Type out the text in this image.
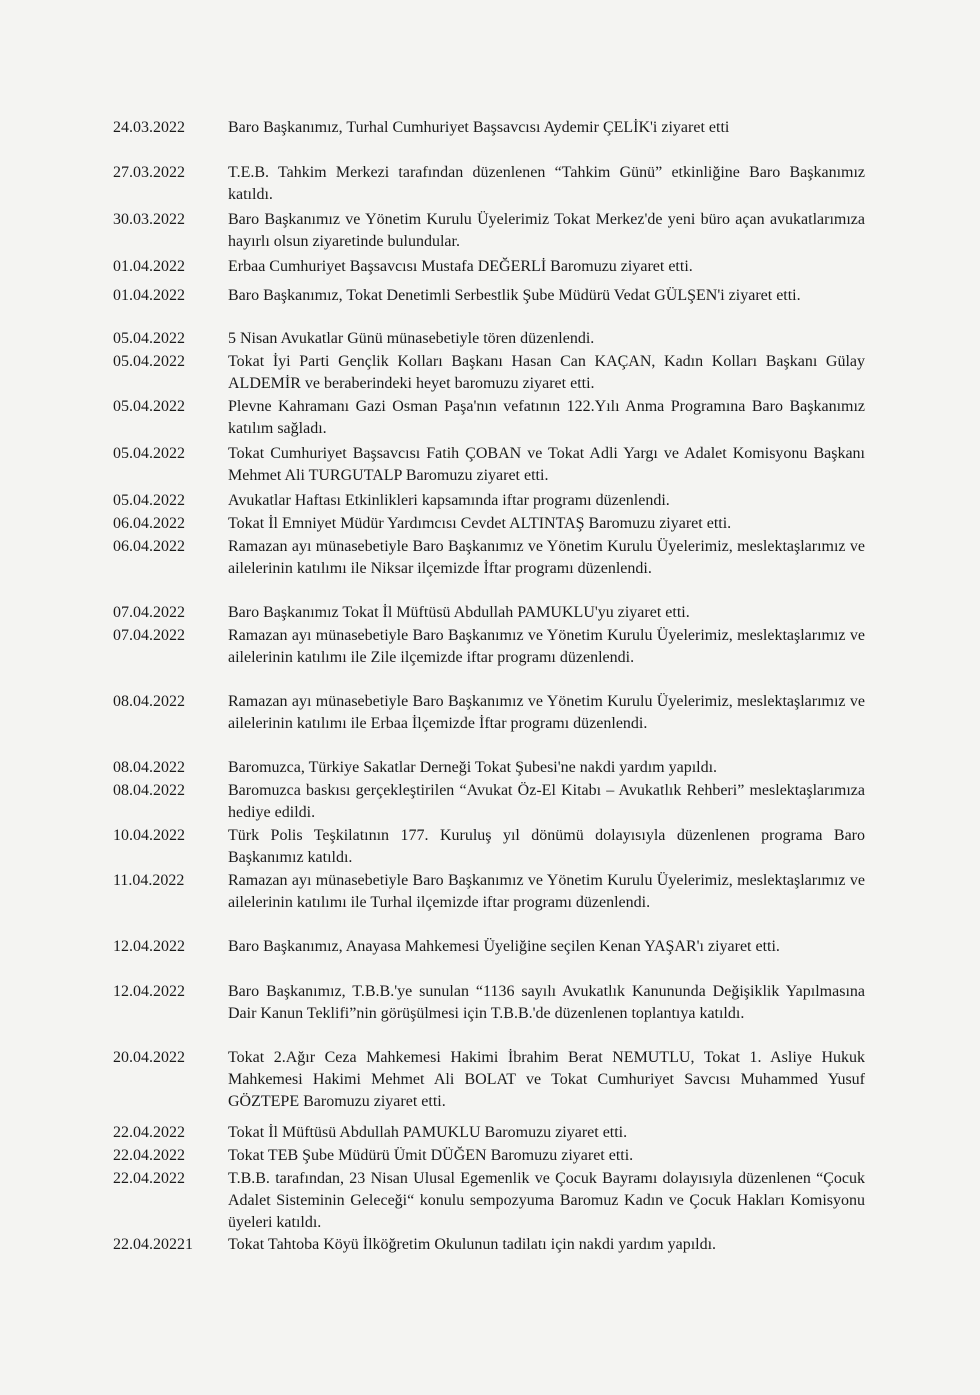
24.03.2022	Baro Başkanımız, Turhal Cumhuriyet Başsavcısı Aydemir ÇELİK'i ziyaret etti
27.03.2022	T.E.B. Tahkim Merkezi tarafından düzenlenen “Tahkim Günü” etkinliğine Baro Başkanımız katıldı.
30.03.2022	Baro Başkanımız ve Yönetim Kurulu Üyelerimiz Tokat Merkez'de yeni büro açan avukatlarımıza hayırlı olsun ziyaretinde bulundular.
01.04.2022	Erbaa Cumhuriyet Başsavcısı Mustafa DEĞERLİ Baromuzu ziyaret etti.
01.04.2022	Baro Başkanımız, Tokat Denetimli Serbestlik Şube Müdürü Vedat GÜLŞEN'i ziyaret etti.
05.04.2022	5 Nisan Avukatlar Günü münasebetiyle tören düzenlendi.
05.04.2022	Tokat İyi Parti Gençlik Kolları Başkanı Hasan Can KAÇAN, Kadın Kolları Başkanı Gülay ALDEMİR ve beraberindeki heyet baromuzu ziyaret etti.
05.04.2022	Plevne Kahramanı Gazi Osman Paşa'nın vefatının 122.Yılı Anma Programına Baro Başkanımız katılım sağladı.
05.04.2022	Tokat Cumhuriyet Başsavcısı Fatih ÇOBAN ve Tokat Adli Yargı ve Adalet Komisyonu Başkanı Mehmet Ali TURGUTALP Baromuzu ziyaret etti.
05.04.2022	Avukatlar Haftası Etkinlikleri kapsamında iftar programı düzenlendi.
06.04.2022	Tokat İl Emniyet Müdür Yardımcısı Cevdet ALTINTAŞ Baromuzu ziyaret etti.
06.04.2022	Ramazan ayı münasebetiyle Baro Başkanımız ve Yönetim Kurulu Üyelerimiz, meslektaşlarımız ve ailelerinin katılımı ile Niksar ilçemizde İftar programı düzenlendi.
07.04.2022	Baro Başkanımız Tokat İl Müftüsü Abdullah PAMUKLU'yu ziyaret etti.
07.04.2022	Ramazan ayı münasebetiyle Baro Başkanımız ve Yönetim Kurulu Üyelerimiz, meslektaşlarımız ve ailelerinin katılımı ile Zile ilçemizde iftar programı düzenlendi.
08.04.2022	Ramazan ayı münasebetiyle Baro Başkanımız ve Yönetim Kurulu Üyelerimiz, meslektaşlarımız ve ailelerinin katılımı ile Erbaa İlçemizde İftar programı düzenlendi.
08.04.2022	Baromuzca, Türkiye Sakatlar Derneği Tokat Şubesi'ne nakdi yardım yapıldı.
08.04.2022	Baromuzca baskısı gerçekleştirilen “Avukat Öz-El Kitabı – Avukatlık Rehberi” meslektaşlarımıza hediye edildi.
10.04.2022	Türk Polis Teşkilatının 177. Kuruluş yıl dönümü dolayısıyla düzenlenen programa Baro Başkanımız katıldı.
11.04.2022	Ramazan ayı münasebetiyle Baro Başkanımız ve Yönetim Kurulu Üyelerimiz, meslektaşlarımız ve ailelerinin katılımı ile Turhal ilçemizde iftar programı düzenlendi.
12.04.2022	Baro Başkanımız, Anayasa Mahkemesi Üyeliğine seçilen Kenan YAŞAR'ı ziyaret etti.
12.04.2022	Baro Başkanımız, T.B.B.'ye sunulan “1136 sayılı Avukatlık Kanununda Değişiklik Yapılmasına Dair Kanun Teklifi”nin görüşülmesi için T.B.B.'de düzenlenen toplantıya katıldı.
20.04.2022	Tokat 2.Ağır Ceza Mahkemesi Hakimi İbrahim Berat NEMUTLU, Tokat 1. Asliye Hukuk Mahkemesi Hakimi Mehmet Ali BOLAT ve Tokat Cumhuriyet Savcısı Muhammed Yusuf GÖZTEPE Baromuzu ziyaret etti.
22.04.2022	Tokat İl Müftüsü Abdullah PAMUKLU Baromuzu ziyaret etti.
22.04.2022	Tokat TEB Şube Müdürü Ümit DÜĞEN Baromuzu ziyaret etti.
22.04.2022	T.B.B. tarafından, 23 Nisan Ulusal Egemenlik ve Çocuk Bayramı dolayısıyla düzenlenen “Çocuk Adalet Sisteminin Geleceği“ konulu sempozyuma Baromuz Kadın ve Çocuk Hakları Komisyonu üyeleri katıldı.
22.04.20221	Tokat Tahtoba Köyü İlköğretim Okulunun tadilatı için nakdi yardım yapıldı.
